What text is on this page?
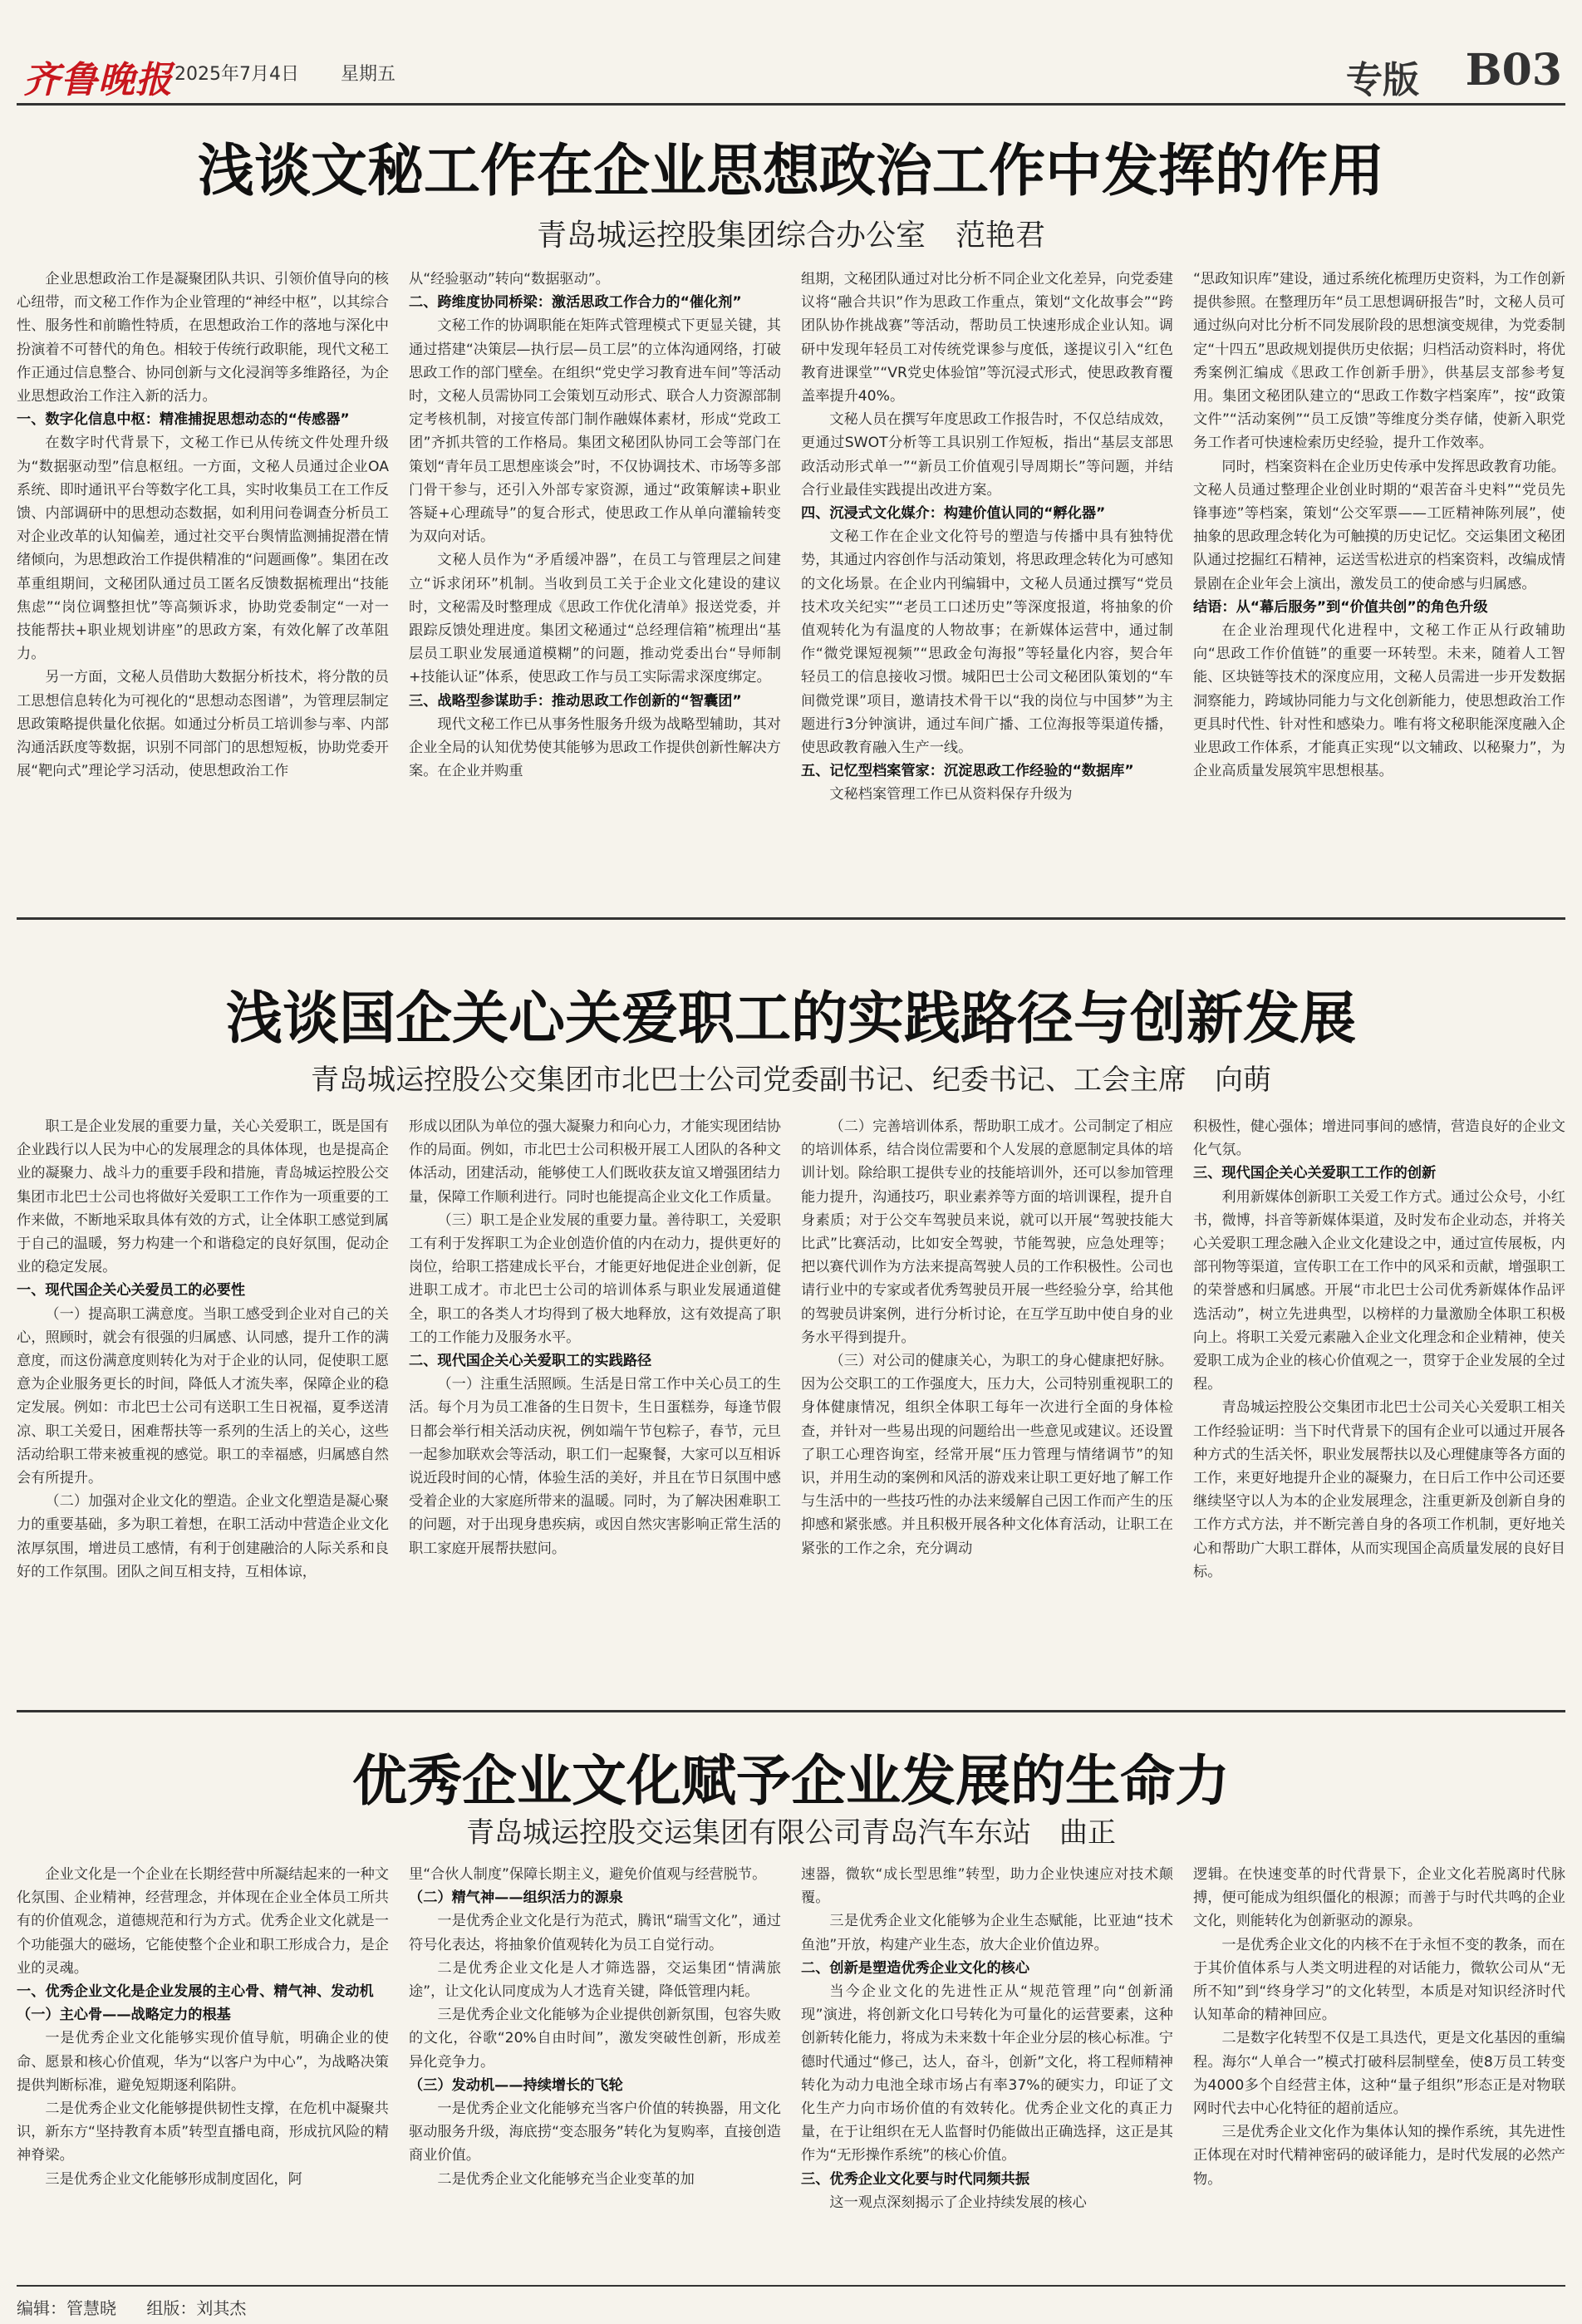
齐鲁晚报 2025年7月4日 星期五	专版 B03
浅谈文秘工作在企业思想政治工作中发挥的作用
青岛城运控股集团综合办公室　范艳君

企业思想政治工作是凝聚团队共识、引领价值导向的核心纽带，而文秘工作作为企业管理的“神经中枢”，以其综合性、服务性和前瞻性特质，在思想政治工作的落地与深化中扮演着不可替代的角色。相较于传统行政职能，现代文秘工作正通过信息整合、协同创新与文化浸润等多维路径，为企业思想政治工作注入新的活力。

一、数字化信息中枢：精准捕捉思想动态的“传感器”

在数字时代背景下，文秘工作已从传统文件处理升级为“数据驱动型”信息枢纽。一方面，文秘人员通过企业OA系统、即时通讯平台等数字化工具，实时收集员工在工作反馈、内部调研中的思想动态数据，如利用问卷调查分析员工对企业改革的认知偏差，通过社交平台舆情监测捕捉潜在情绪倾向，为思想政治工作提供精准的“问题画像”。集团在改革重组期间，文秘团队通过员工匿名反馈数据梳理出“技能焦虑”“岗位调整担忧”等高频诉求，协助党委制定“一对一技能帮扶+职业规划讲座”的思政方案，有效化解了改革阻力。

另一方面，文秘人员借助大数据分析技术，将分散的员工思想信息转化为可视化的“思想动态图谱”，为管理层制定思政策略提供量化依据。如通过分析员工培训参与率、内部沟通活跃度等数据，识别不同部门的思想短板，协助党委开展“靶向式”理论学习活动，使思想政治工作

从“经验驱动”转向“数据驱动”。

二、跨维度协同桥梁：激活思政工作合力的“催化剂”

文秘工作的协调职能在矩阵式管理模式下更显关键，其通过搭建“决策层—执行层—员工层”的立体沟通网络，打破思政工作的部门壁垒。在组织“党史学习教育进车间”等活动时，文秘人员需协同工会策划互动形式、联合人力资源部制定考核机制，对接宣传部门制作融媒体素材，形成“党政工团”齐抓共管的工作格局。集团文秘团队协同工会等部门在策划“青年员工思想座谈会”时，不仅协调技术、市场等多部门骨干参与，还引入外部专家资源，通过“政策解读+职业答疑+心理疏导”的复合形式，使思政工作从单向灌输转变为双向对话。

文秘人员作为“矛盾缓冲器”，在员工与管理层之间建立“诉求闭环”机制。当收到员工关于企业文化建设的建议时，文秘需及时整理成《思政工作优化清单》报送党委，并跟踪反馈处理进度。集团文秘通过“总经理信箱”梳理出“基层员工职业发展通道模糊”的问题，推动党委出台“导师制+技能认证”体系，使思政工作与员工实际需求深度绑定。

三、战略型参谋助手：推动思政工作创新的“智囊团”

现代文秘工作已从事务性服务升级为战略型辅助，其对企业全局的认知优势使其能够为思政工作提供创新性解决方案。在企业并购重

组期，文秘团队通过对比分析不同企业文化差异，向党委建议将“融合共识”作为思政工作重点，策划“文化故事会”“跨团队协作挑战赛”等活动，帮助员工快速形成企业认知。调研中发现年轻员工对传统党课参与度低，遂提议引入“红色教育进课堂”“VR党史体验馆”等沉浸式形式，使思政教育覆盖率提升40%。

文秘人员在撰写年度思政工作报告时，不仅总结成效，更通过SWOT分析等工具识别工作短板，指出“基层支部思政活动形式单一”“新员工价值观引导周期长”等问题，并结合行业最佳实践提出改进方案。

四、沉浸式文化媒介：构建价值认同的“孵化器”

文秘工作在企业文化符号的塑造与传播中具有独特优势，其通过内容创作与活动策划，将思政理念转化为可感知的文化场景。在企业内刊编辑中，文秘人员通过撰写“党员技术攻关纪实”“老员工口述历史”等深度报道，将抽象的价值观转化为有温度的人物故事；在新媒体运营中，通过制作“微党课短视频”“思政金句海报”等轻量化内容，契合年轻员工的信息接收习惯。城阳巴士公司文秘团队策划的“车间微党课”项目，邀请技术骨干以“我的岗位与中国梦”为主题进行3分钟演讲，通过车间广播、工位海报等渠道传播，使思政教育融入生产一线。

五、记忆型档案管家：沉淀思政工作经验的“数据库”

文秘档案管理工作已从资料保存升级为

“思政知识库”建设，通过系统化梳理历史资料，为工作创新提供参照。在整理历年“员工思想调研报告”时，文秘人员可通过纵向对比分析不同发展阶段的思想演变规律，为党委制定“十四五”思政规划提供历史依据；归档活动资料时，将优秀案例汇编成《思政工作创新手册》，供基层支部参考复用。集团文秘团队建立的“思政工作数字档案库”，按“政策文件”“活动案例”“员工反馈”等维度分类存储，使新入职党务工作者可快速检索历史经验，提升工作效率。

同时，档案资料在企业历史传承中发挥思政教育功能。文秘人员通过整理企业创业时期的“艰苦奋斗史料”“党员先锋事迹”等档案，策划“公交军票——工匠精神陈列展”，使抽象的思政理念转化为可触摸的历史记忆。交运集团文秘团队通过挖掘红石精神，运送雪松进京的档案资料，改编成情景剧在企业年会上演出，激发员工的使命感与归属感。

结语：从“幕后服务”到“价值共创”的角色升级

在企业治理现代化进程中，文秘工作正从行政辅助向“思政工作价值链”的重要一环转型。未来，随着人工智能、区块链等技术的深度应用，文秘人员需进一步开发数据洞察能力，跨域协同能力与文化创新能力，使思想政治工作更具时代性、针对性和感染力。唯有将文秘职能深度融入企业思政工作体系，才能真正实现“以文辅政、以秘聚力”，为企业高质量发展筑牢思想根基。

浅谈国企关心关爱职工的实践路径与创新发展
青岛城运控股公交集团市北巴士公司党委副书记、纪委书记、工会主席　向萌

职工是企业发展的重要力量，关心关爱职工，既是国有企业践行以人民为中心的发展理念的具体体现，也是提高企业的凝聚力、战斗力的重要手段和措施，青岛城运控股公交集团市北巴士公司也将做好关爱职工工作作为一项重要的工作来做，不断地采取具体有效的方式，让全体职工感觉到属于自己的温暖，努力构建一个和谐稳定的良好氛围，促动企业的稳定发展。

一、现代国企关心关爱员工的必要性

（一）提高职工满意度。当职工感受到企业对自己的关心，照顾时，就会有很强的归属感、认同感，提升工作的满意度，而这份满意度则转化为对于企业的认同，促使职工愿意为企业服务更长的时间，降低人才流失率，保障企业的稳定发展。例如：市北巴士公司有送职工生日祝福，夏季送清凉、职工关爱日，困难帮扶等一系列的生活上的关心，这些活动给职工带来被重视的感觉。职工的幸福感，归属感自然会有所提升。

（二）加强对企业文化的塑造。企业文化塑造是凝心聚力的重要基础，多为职工着想，在职工活动中营造企业文化浓厚氛围，增进员工感情，有利于创建融洽的人际关系和良好的工作氛围。团队之间互相支持，互相体谅，

形成以团队为单位的强大凝聚力和向心力，才能实现团结协作的局面。例如，市北巴士公司积极开展工人团队的各种文体活动，团建活动，能够使工人们既收获友谊又增强团结力量，保障工作顺利进行。同时也能提高企业文化工作质量。

（三）职工是企业发展的重要力量。善待职工，关爱职工有利于发挥职工为企业创造价值的内在动力，提供更好的岗位，给职工搭建成长平台，才能更好地促进企业创新，促进职工成才。市北巴士公司的培训体系与职业发展通道健全，职工的各类人才均得到了极大地释放，这有效提高了职工的工作能力及服务水平。

二、现代国企关心关爱职工的实践路径

（一）注重生活照顾。生活是日常工作中关心员工的生活。每个月为员工准备的生日贺卡，生日蛋糕券，每逢节假日都会举行相关活动庆祝，例如端午节包粽子，春节，元旦一起参加联欢会等活动，职工们一起聚餐，大家可以互相诉说近段时间的心情，体验生活的美好，并且在节日氛围中感受着企业的大家庭所带来的温暖。同时，为了解决困难职工的问题，对于出现身患疾病，或因自然灾害影响正常生活的职工家庭开展帮扶慰问。

（二）完善培训体系，帮助职工成才。公司制定了相应的培训体系，结合岗位需要和个人发展的意愿制定具体的培训计划。除给职工提供专业的技能培训外，还可以参加管理能力提升，沟通技巧，职业素养等方面的培训课程，提升自身素质；对于公交车驾驶员来说，就可以开展“驾驶技能大比武”比赛活动，比如安全驾驶，节能驾驶，应急处理等；把以赛代训作为方法来提高驾驶人员的工作积极性。公司也请行业中的专家或者优秀驾驶员开展一些经验分享，给其他的驾驶员讲案例，进行分析讨论，在互学互助中使自身的业务水平得到提升。

（三）对公司的健康关心，为职工的身心健康把好脉。因为公交职工的工作强度大，压力大，公司特别重视职工的身体健康情况，组织全体职工每年一次进行全面的身体检查，并针对一些易出现的问题给出一些意见或建议。还设置了职工心理咨询室，经常开展“压力管理与情绪调节”的知识，并用生动的案例和风活的游戏来让职工更好地了解工作与生活中的一些技巧性的办法来缓解自己因工作而产生的压抑感和紧张感。并且积极开展各种文化体育活动，让职工在紧张的工作之余，充分调动

积极性，健心强体；增进同事间的感情，营造良好的企业文化气氛。

三、现代国企关心关爱职工工作的创新

利用新媒体创新职工关爱工作方式。通过公众号，小红书，微博，抖音等新媒体渠道，及时发布企业动态，并将关心关爱职工理念融入企业文化建设之中，通过宣传展板，内部刊物等渠道，宣传职工在工作中的风采和贡献，增强职工的荣誉感和归属感。开展“市北巴士公司优秀新媒体作品评选活动”，树立先进典型，以榜样的力量激励全体职工积极向上。将职工关爱元素融入企业文化理念和企业精神，使关爱职工成为企业的核心价值观之一，贯穿于企业发展的全过程。

青岛城运控股公交集团市北巴士公司关心关爱职工相关工作经验证明：当下时代背景下的国有企业可以通过开展各种方式的生活关怀，职业发展帮扶以及心理健康等各方面的工作，来更好地提升企业的凝聚力，在日后工作中公司还要继续坚守以人为本的企业发展理念，注重更新及创新自身的工作方式方法，并不断完善自身的各项工作机制，更好地关心和帮助广大职工群体，从而实现国企高质量发展的良好目标。

优秀企业文化赋予企业发展的生命力
青岛城运控股交运集团有限公司青岛汽车东站　曲正

企业文化是一个企业在长期经营中所凝结起来的一种文化氛围、企业精神，经营理念，并体现在企业全体员工所共有的价值观念，道德规范和行为方式。优秀企业文化就是一个功能强大的磁场，它能使整个企业和职工形成合力，是企业的灵魂。

一、优秀企业文化是企业发展的主心骨、精气神、发动机

（一）主心骨——战略定力的根基

一是优秀企业文化能够实现价值导航，明确企业的使命、愿景和核心价值观，华为“以客户为中心”，为战略决策提供判断标准，避免短期逐利陷阱。

二是优秀企业文化能够提供韧性支撑，在危机中凝聚共识，新东方“坚持教育本质”转型直播电商，形成抗风险的精神脊梁。

三是优秀企业文化能够形成制度固化，阿

里“合伙人制度”保障长期主义，避免价值观与经营脱节。

（二）精气神——组织活力的源泉

一是优秀企业文化是行为范式，腾讯“瑞雪文化”，通过符号化表达，将抽象价值观转化为员工自觉行动。

二是优秀企业文化是人才筛选器，交运集团“情满旅途”，让文化认同度成为人才选育关键，降低管理内耗。

三是优秀企业文化能够为企业提供创新氛围，包容失败的文化，谷歌“20%自由时间”，激发突破性创新，形成差异化竞争力。

（三）发动机——持续增长的飞轮

一是优秀企业文化能够充当客户价值的转换器，用文化驱动服务升级，海底捞“变态服务”转化为复购率，直接创造商业价值。

二是优秀企业文化能够充当企业变革的加

速器，微软“成长型思维”转型，助力企业快速应对技术颠覆。

三是优秀企业文化能够为企业生态赋能，比亚迪“技术鱼池”开放，构建产业生态，放大企业价值边界。

二、创新是塑造优秀企业文化的核心

当今企业文化的先进性正从“规范管理”向“创新涌现”演进，将创新文化口号转化为可量化的运营要素，这种创新转化能力，将成为未来数十年企业分层的核心标准。宁德时代通过“修己，达人，奋斗，创新”文化，将工程师精神转化为动力电池全球市场占有率37%的硬实力，印证了文化生产力向市场价值的有效转化。优秀企业文化的真正力量，在于让组织在无人监督时仍能做出正确选择，这正是其作为“无形操作系统”的核心价值。

三、优秀企业文化要与时代同频共振

这一观点深刻揭示了企业持续发展的核心

逻辑。在快速变革的时代背景下，企业文化若脱离时代脉搏，便可能成为组织僵化的根源；而善于与时代共鸣的企业文化，则能转化为创新驱动的源泉。

一是优秀企业文化的内核不在于永恒不变的教条，而在于其价值体系与人类文明进程的对话能力，微软公司从“无所不知”到“终身学习”的文化转型，本质是对知识经济时代认知革命的精神回应。

二是数字化转型不仅是工具迭代，更是文化基因的重编程。海尔“人单合一”模式打破科层制壁垒，使8万员工转变为4000多个自经营主体，这种“量子组织”形态正是对物联网时代去中心化特征的超前适应。

三是优秀企业文化作为集体认知的操作系统，其先进性正体现在对时代精神密码的破译能力，是时代发展的必然产物。

编辑：管慧晓 组版：刘其杰
